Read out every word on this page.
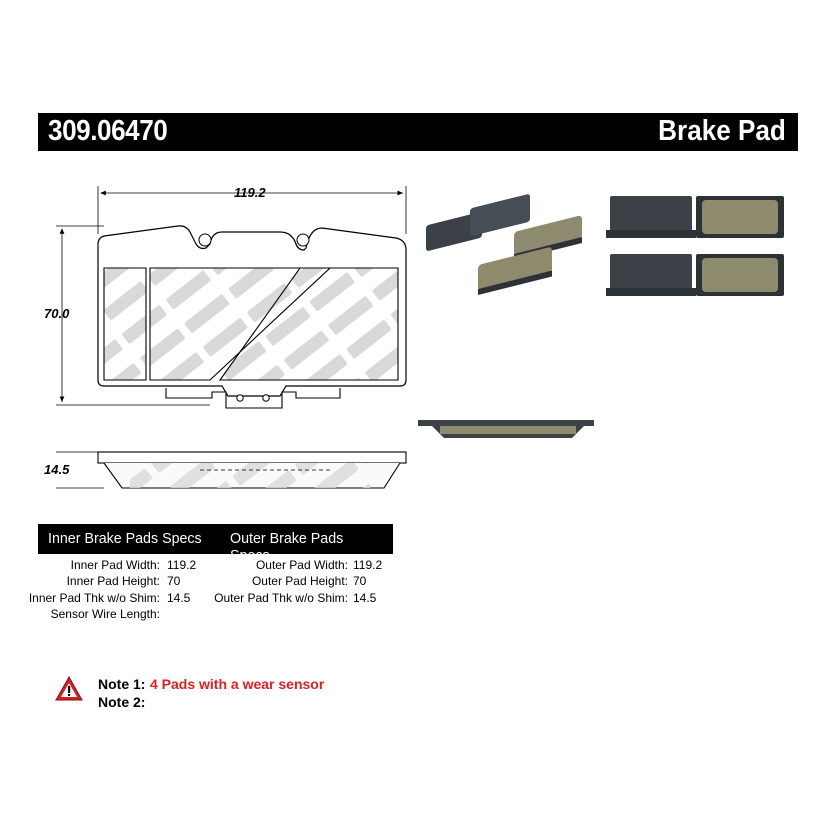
309.06470	Brake Pad
119.2
70.0
14.5
Inner Brake Pads Specs Outer Brake Pads Specs
Inner Pad Width: 119.2
Inner Pad Height: 70
Inner Pad Thk w/o Shim: 14.5
Sensor Wire Length:
Outer Pad Width: 119.2
Outer Pad Height: 70
Outer Pad Thk w/o Shim: 14.5
Note 1: 4 Pads with a wear sensor
Note 2:
